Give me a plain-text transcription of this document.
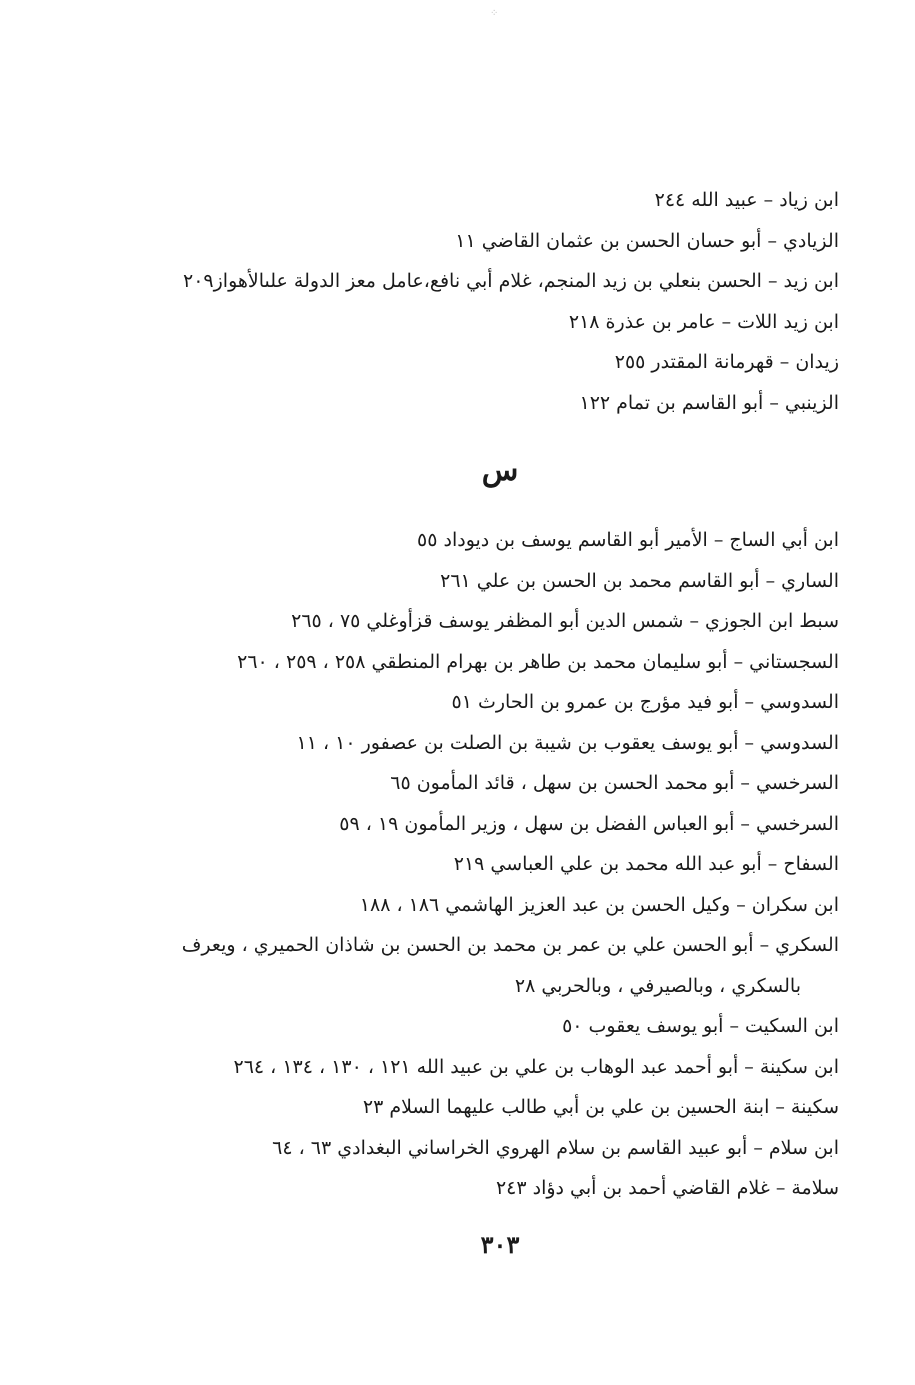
⁘
ابن زياد – عبيد الله ٢٤٤
الزيادي – أبو حسان الحسن بن عثمان القاضي ١١
ابن زيد – الحسن بنعلي بن زيد المنجم، غلام أبي نافع،عامل معز الدولة علىالأهواز٢٠٩
ابن زيد اللات – عامر بن عذرة ٢١٨
زيدان – قهرمانة المقتدر ٢٥٥
الزينبي – أبو القاسم بن تمام ١٢٢
س
ابن أبي الساج – الأمير أبو القاسم يوسف بن ديوداد ٥٥
الساري – أبو القاسم محمد بن الحسن بن علي ٢٦١
سبط ابن الجوزي – شمس الدين أبو المظفر يوسف قزأوغلي ٧٥ ، ٢٦٥
السجستاني – أبو سليمان محمد بن طاهر بن بهرام المنطقي ٢٥٨ ، ٢٥٩ ، ٢٦٠
السدوسي – أبو فيد مؤرج بن عمرو بن الحارث ٥١
السدوسي – أبو يوسف يعقوب بن شيبة بن الصلت بن عصفور ١٠ ، ١١
السرخسي – أبو محمد الحسن بن سهل ، قائد المأمون ٦٥
السرخسي – أبو العباس الفضل بن سهل ، وزير المأمون ١٩ ، ٥٩
السفاح – أبو عبد الله محمد بن علي العباسي ٢١٩
ابن سكران – وكيل الحسن بن عبد العزيز الهاشمي ١٨٦ ، ١٨٨
السكري – أبو الحسن علي بن عمر بن محمد بن الحسن بن شاذان الحميري ، ويعرف
بالسكري ، وبالصيرفي ، وبالحربي ٢٨
ابن السكيت – أبو يوسف يعقوب ٥٠
ابن سكينة – أبو أحمد عبد الوهاب بن علي بن عبيد الله ١٢١ ، ١٣٠ ، ١٣٤ ، ٢٦٤
سكينة – ابنة الحسين بن علي بن أبي طالب عليهما السلام ٢٣
ابن سلام – أبو عبيد القاسم بن سلام الهروي الخراساني البغدادي ٦٣ ، ٦٤
سلامة – غلام القاضي أحمد بن أبي دؤاد ٢٤٣
٣٠٣
